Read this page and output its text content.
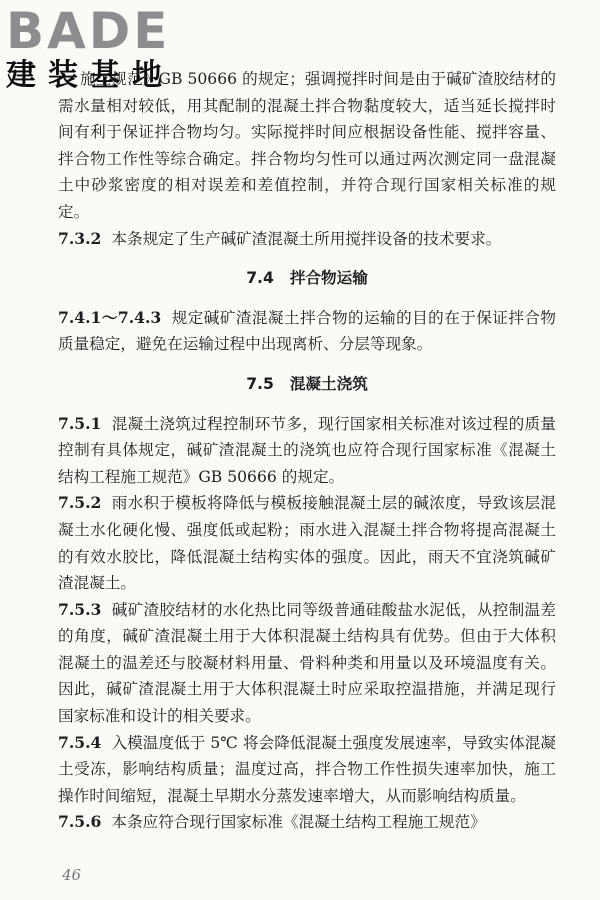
BADE
建装基地

施工规范》GB 50666 的规定；强调搅拌时间是由于碱矿渣胶结材的需水量相对较低，用其配制的混凝土拌合物黏度较大，适当延长搅拌时间有利于保证拌合物均匀。实际搅拌时间应根据设备性能、搅拌容量、拌合物工作性等综合确定。拌合物均匀性可以通过两次测定同一盘混凝土中砂浆密度的相对误差和差值控制，并符合现行国家相关标准的规定。

7.3.2 本条规定了生产碱矿渣混凝土所用搅拌设备的技术要求。

7.4 拌合物运输

7.4.1～7.4.3 规定碱矿渣混凝土拌合物的运输的目的在于保证拌合物质量稳定，避免在运输过程中出现离析、分层等现象。

7.5 混凝土浇筑

7.5.1 混凝土浇筑过程控制环节多，现行国家相关标准对该过程的质量控制有具体规定，碱矿渣混凝土的浇筑也应符合现行国家标准《混凝土结构工程施工规范》GB 50666 的规定。

7.5.2 雨水积于模板将降低与模板接触混凝土层的碱浓度，导致该层混凝土水化硬化慢、强度低或起粉；雨水进入混凝土拌合物将提高混凝土的有效水胶比，降低混凝土结构实体的强度。因此，雨天不宜浇筑碱矿渣混凝土。

7.5.3 碱矿渣胶结材的水化热比同等级普通硅酸盐水泥低，从控制温差的角度，碱矿渣混凝土用于大体积混凝土结构具有优势。但由于大体积混凝土的温差还与胶凝材料用量、骨料种类和用量以及环境温度有关。因此，碱矿渣混凝土用于大体积混凝土时应采取控温措施，并满足现行国家标准和设计的相关要求。

7.5.4 入模温度低于 5℃ 将会降低混凝土强度发展速率，导致实体混凝土受冻，影响结构质量；温度过高，拌合物工作性损失速率加快，施工操作时间缩短，混凝土早期水分蒸发速率增大，从而影响结构质量。

7.5.6 本条应符合现行国家标准《混凝土结构工程施工规范》

46
